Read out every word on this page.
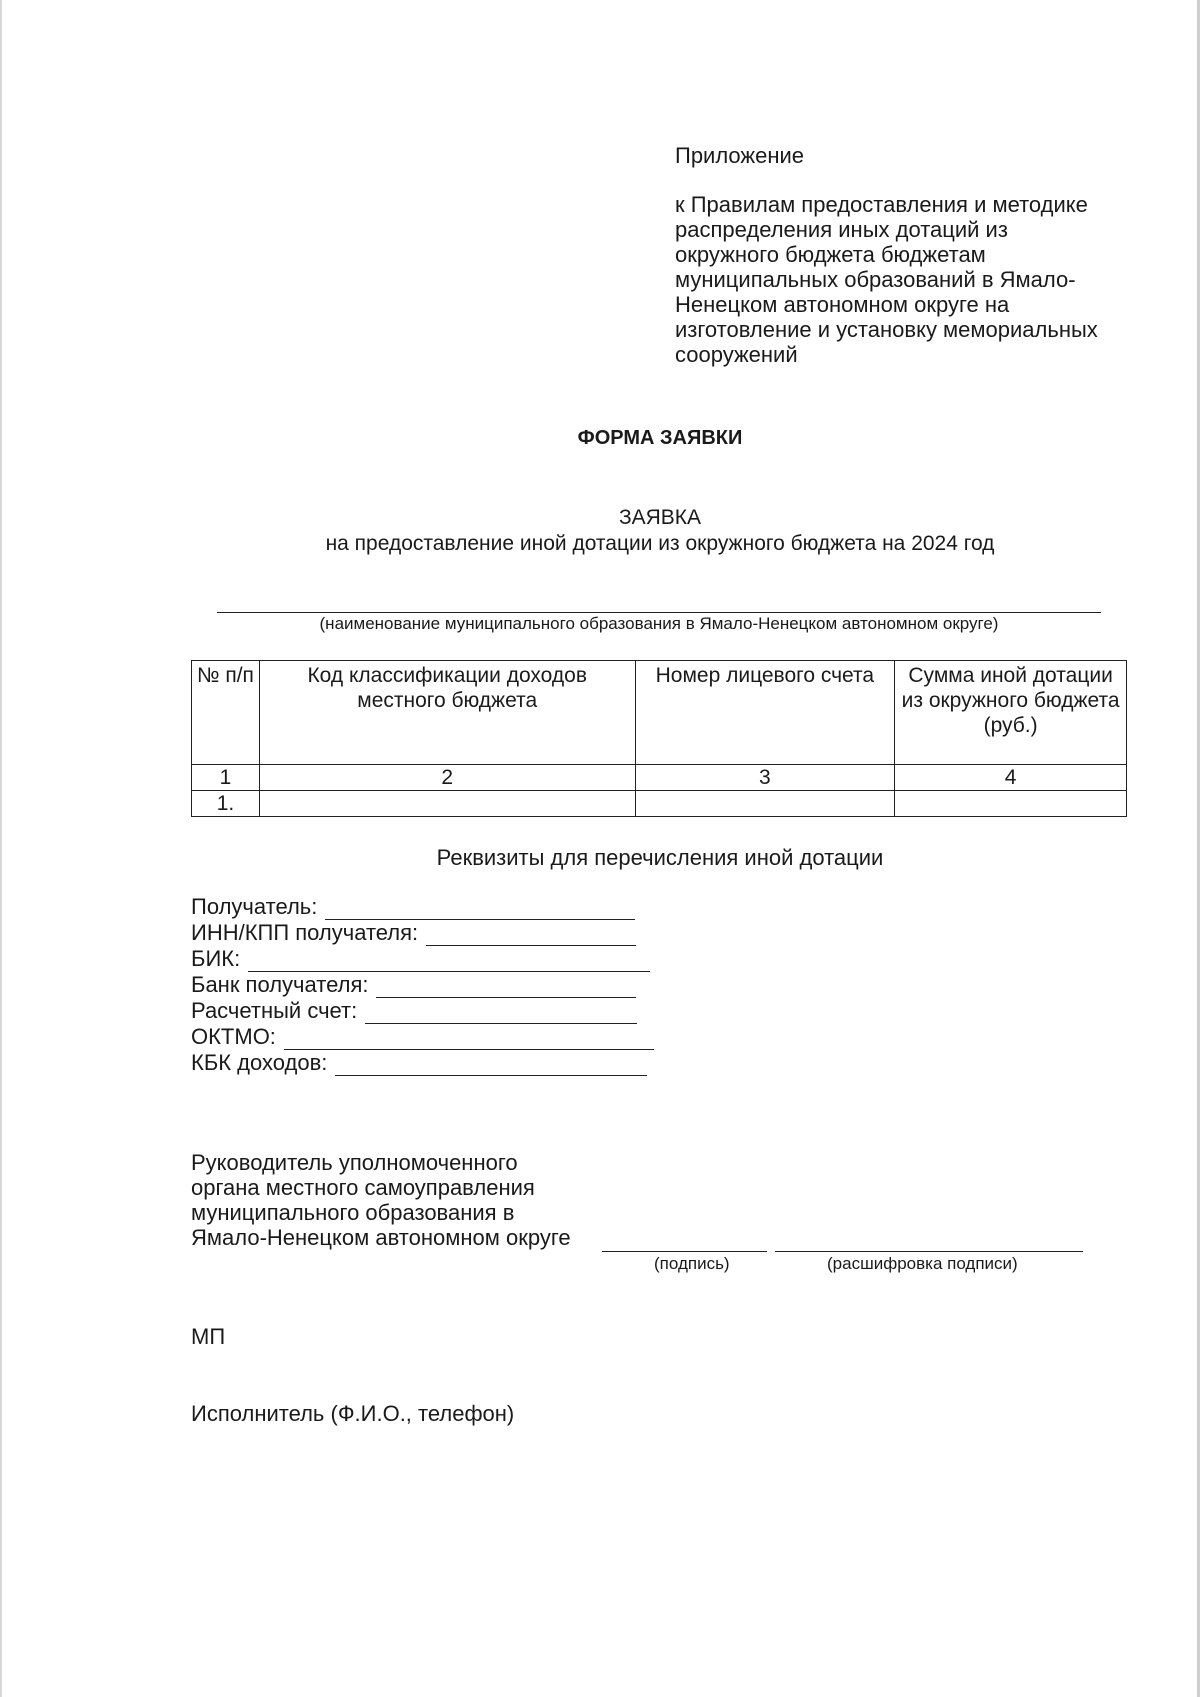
Приложение
к Правилам предоставления и методике
распределения иных дотаций из
окружного бюджета бюджетам
муниципальных образований в Ямало-
Ненецком автономном округе на
изготовление и установку мемориальных
сооружений
ФОРМА ЗАЯВКИ
ЗАЯВКА
на предоставление иной дотации из окружного бюджета на 2024 год
(наименование муниципального образования в Ямало-Ненецком автономном округе)
№ п/п	Код классификации доходов местного бюджета	Номер лицевого счета	Сумма иной дотации из окружного бюджета (руб.)
1	2	3	4
1.			
Реквизиты для перечисления иной дотации
Получатель:
ИНН/КПП получателя:
БИК:
Банк получателя:
Расчетный счет:
ОКТМО:
КБК доходов:
Руководитель уполномоченного
органа местного самоуправления
муниципального образования в
Ямало-Ненецком автономном округе
(подпись)	(расшифровка подписи)
МП
Исполнитель (Ф.И.О., телефон)
